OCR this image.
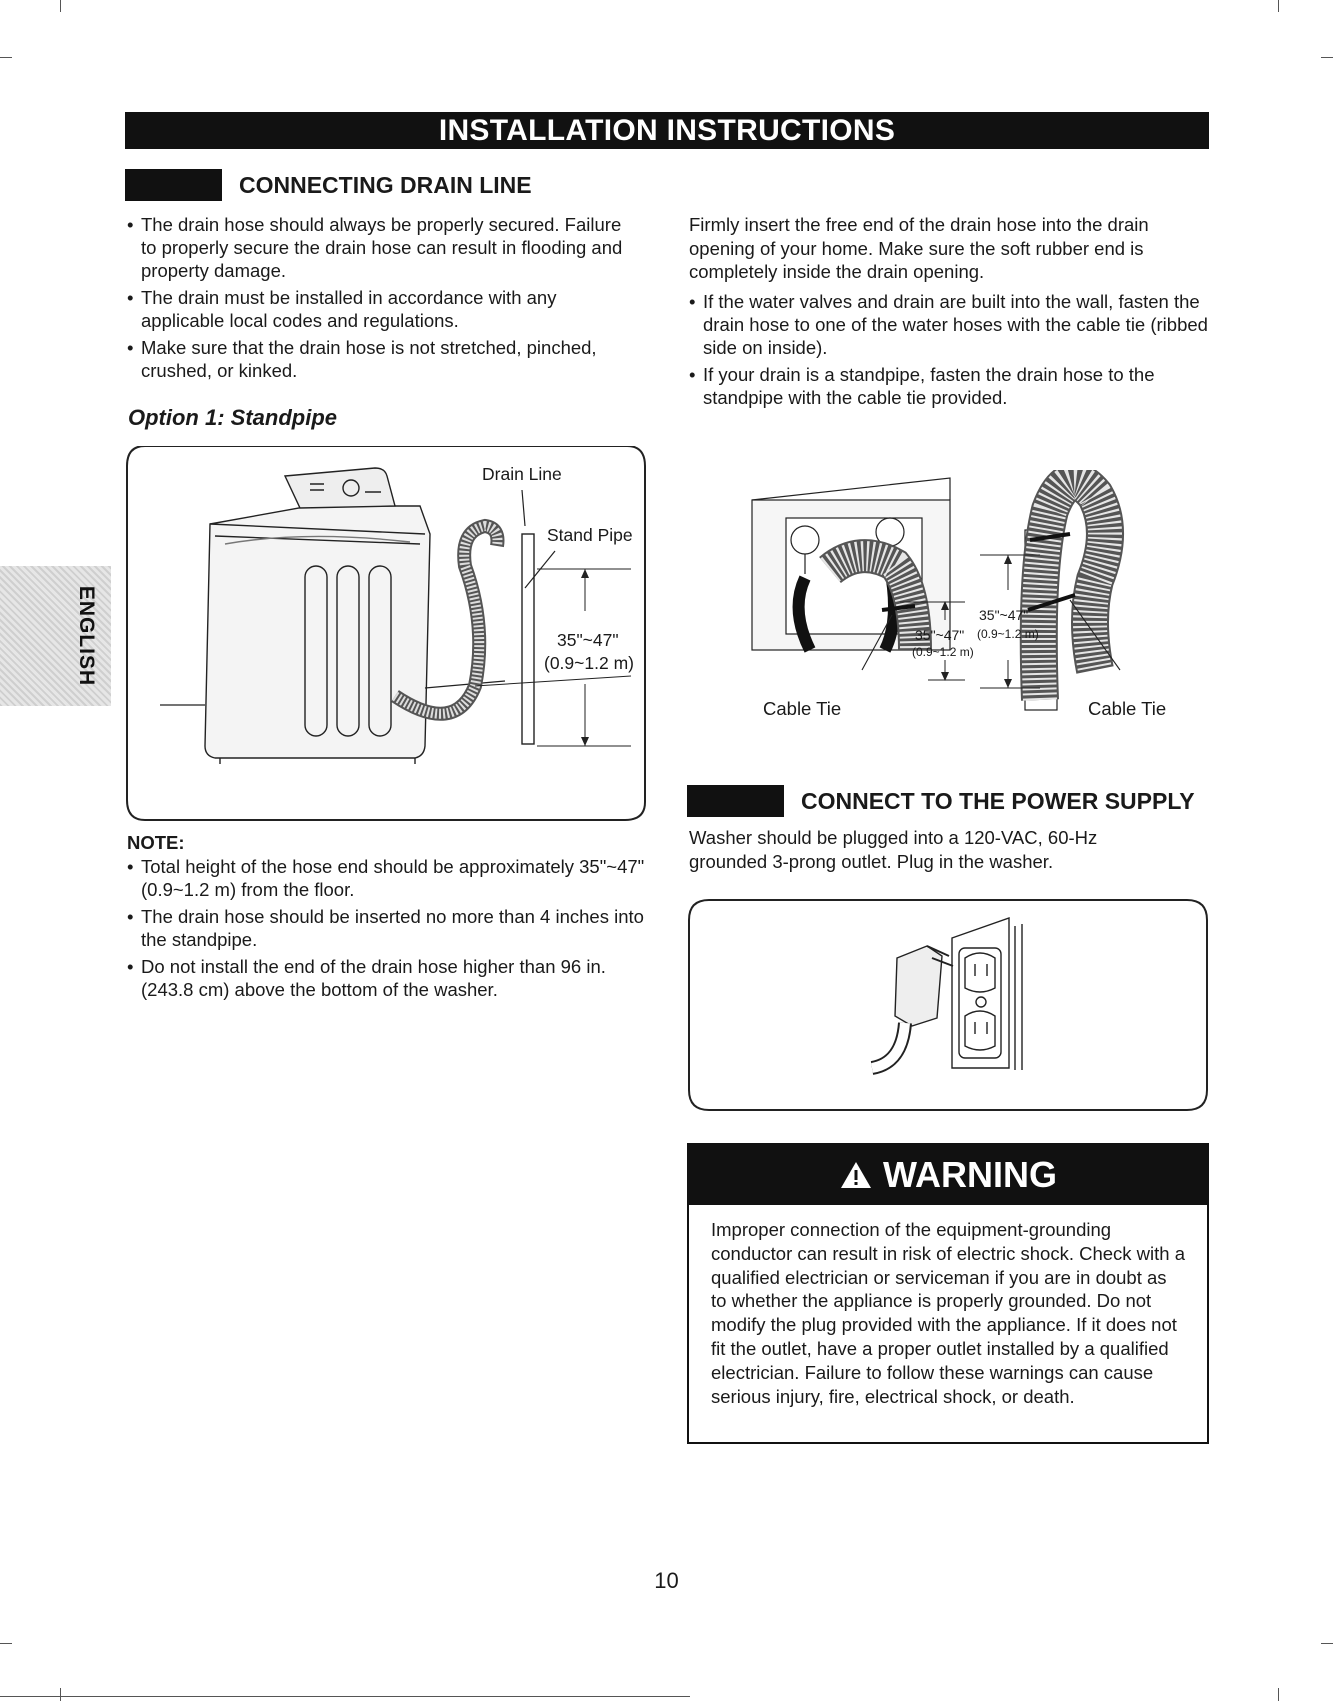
INSTALLATION INSTRUCTIONS
ENGLISH
CONNECTING DRAIN LINE
• The drain hose should always be properly secured. Failure to properly secure the drain hose can result in flooding and property damage.
• The drain must be installed in accordance with any applicable local codes and regulations.
• Make sure that the drain hose is not stretched, pinched, crushed, or kinked.
Option 1: Standpipe
Drain Line
Stand Pipe
35"~47"
(0.9~1.2 m)
NOTE:
• Total height of the hose end should be approximately 35"~47" (0.9~1.2 m) from the floor.
• The drain hose should be inserted no more than 4 inches into the standpipe.
• Do not install the end of the drain hose higher than 96 in. (243.8 cm) above the bottom of the washer.
Firmly insert the free end of the drain hose into the drain opening of your home. Make sure the soft rubber end is completely inside the drain opening.
• If the water valves and drain are built into the wall, fasten the drain hose to one of the water hoses with the cable tie (ribbed side on inside).
• If your drain is a standpipe, fasten the drain hose to the standpipe with the cable tie provided.
35"~47"
(0.9~1.2 m)
35"~47"
(0.9~1.2 m)
Cable Tie	Cable Tie
CONNECT TO THE POWER SUPPLY
Washer should be plugged into a 120-VAC, 60-Hz grounded 3-prong outlet. Plug in the washer.
WARNING
Improper connection of the equipment-grounding conductor can result in risk of electric shock. Check with a qualified electrician or serviceman if you are in doubt as to whether the appliance is properly grounded. Do not modify the plug provided with the appliance. If it does not fit the outlet, have a proper outlet installed by a qualified electrician. Failure to follow these warnings can cause serious injury, fire, electrical shock, or death.
10
